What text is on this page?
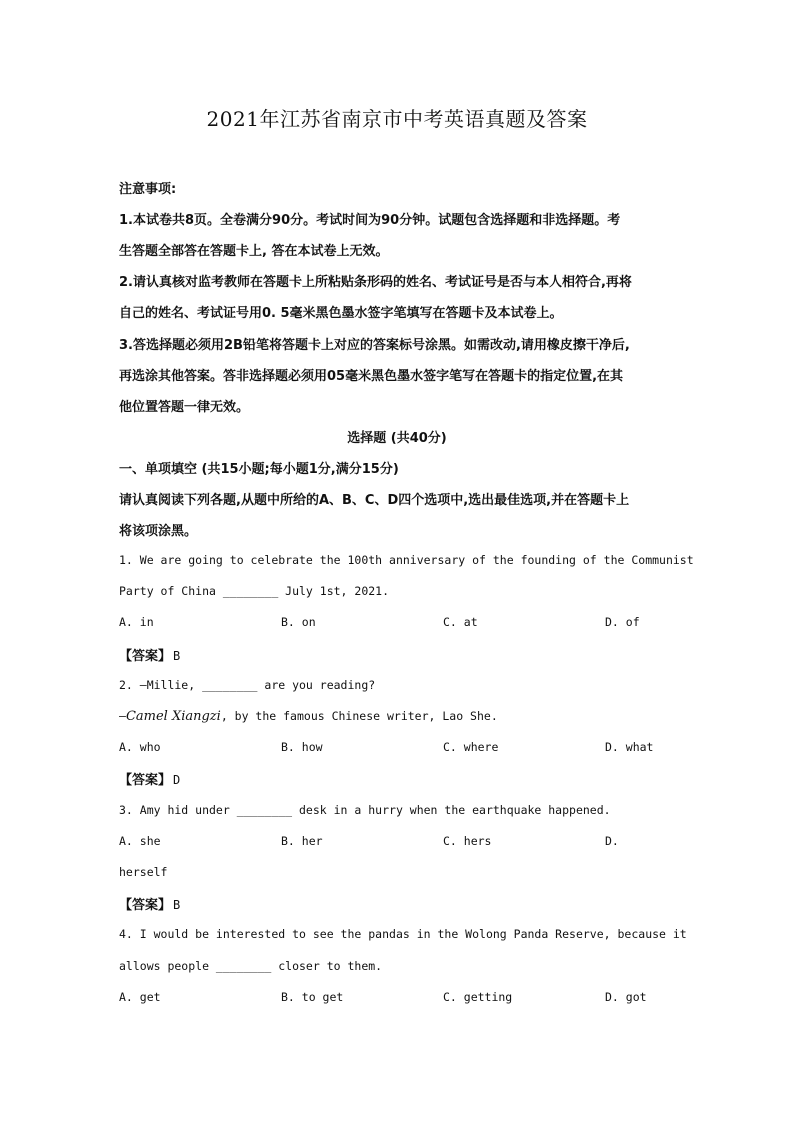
2021年江苏省南京市中考英语真题及答案
注意事项:
1.本试卷共8页。全卷满分90分。考试时间为90分钟。试题包含选择题和非选择题。考
生答题全部答在答题卡上, 答在本试卷上无效。
2.请认真核对监考教师在答题卡上所粘贴条形码的姓名、考试证号是否与本人相符合,再将
自己的姓名、考试证号用0. 5毫米黑色墨水签字笔填写在答题卡及本试卷上。
3.答选择题必须用2B铅笔将答题卡上对应的答案标号涂黑。如需改动,请用橡皮擦干净后,
再选涂其他答案。答非选择题必须用05毫米黑色墨水签字笔写在答题卡的指定位置,在其
他位置答题一律无效。
选择题 (共40分)
一、单项填空 (共15小题;每小题1分,满分15分)
请认真阅读下列各题,从题中所给的A、B、C、D四个选项中,选出最佳选项,并在答题卡上
将该项涂黑。
1. We are going to celebrate the 100th anniversary of the founding of the Communist
Party of China ________ July 1st, 2021.
A. in	B. on	C. at	D. of
【答案】 B
2. —Millie, ________ are you reading?
—Camel Xiangzi, by the famous Chinese writer, Lao She.
A. who	B. how	C. where	D. what
【答案】 D
3. Amy hid under ________ desk in a hurry when the earthquake happened.
A. she	B. her	C. hers	D.
herself
【答案】 B
4. I would be interested to see the pandas in the Wolong Panda Reserve, because it
allows people ________ closer to them.
A. get	B. to get	C. getting	D. got
